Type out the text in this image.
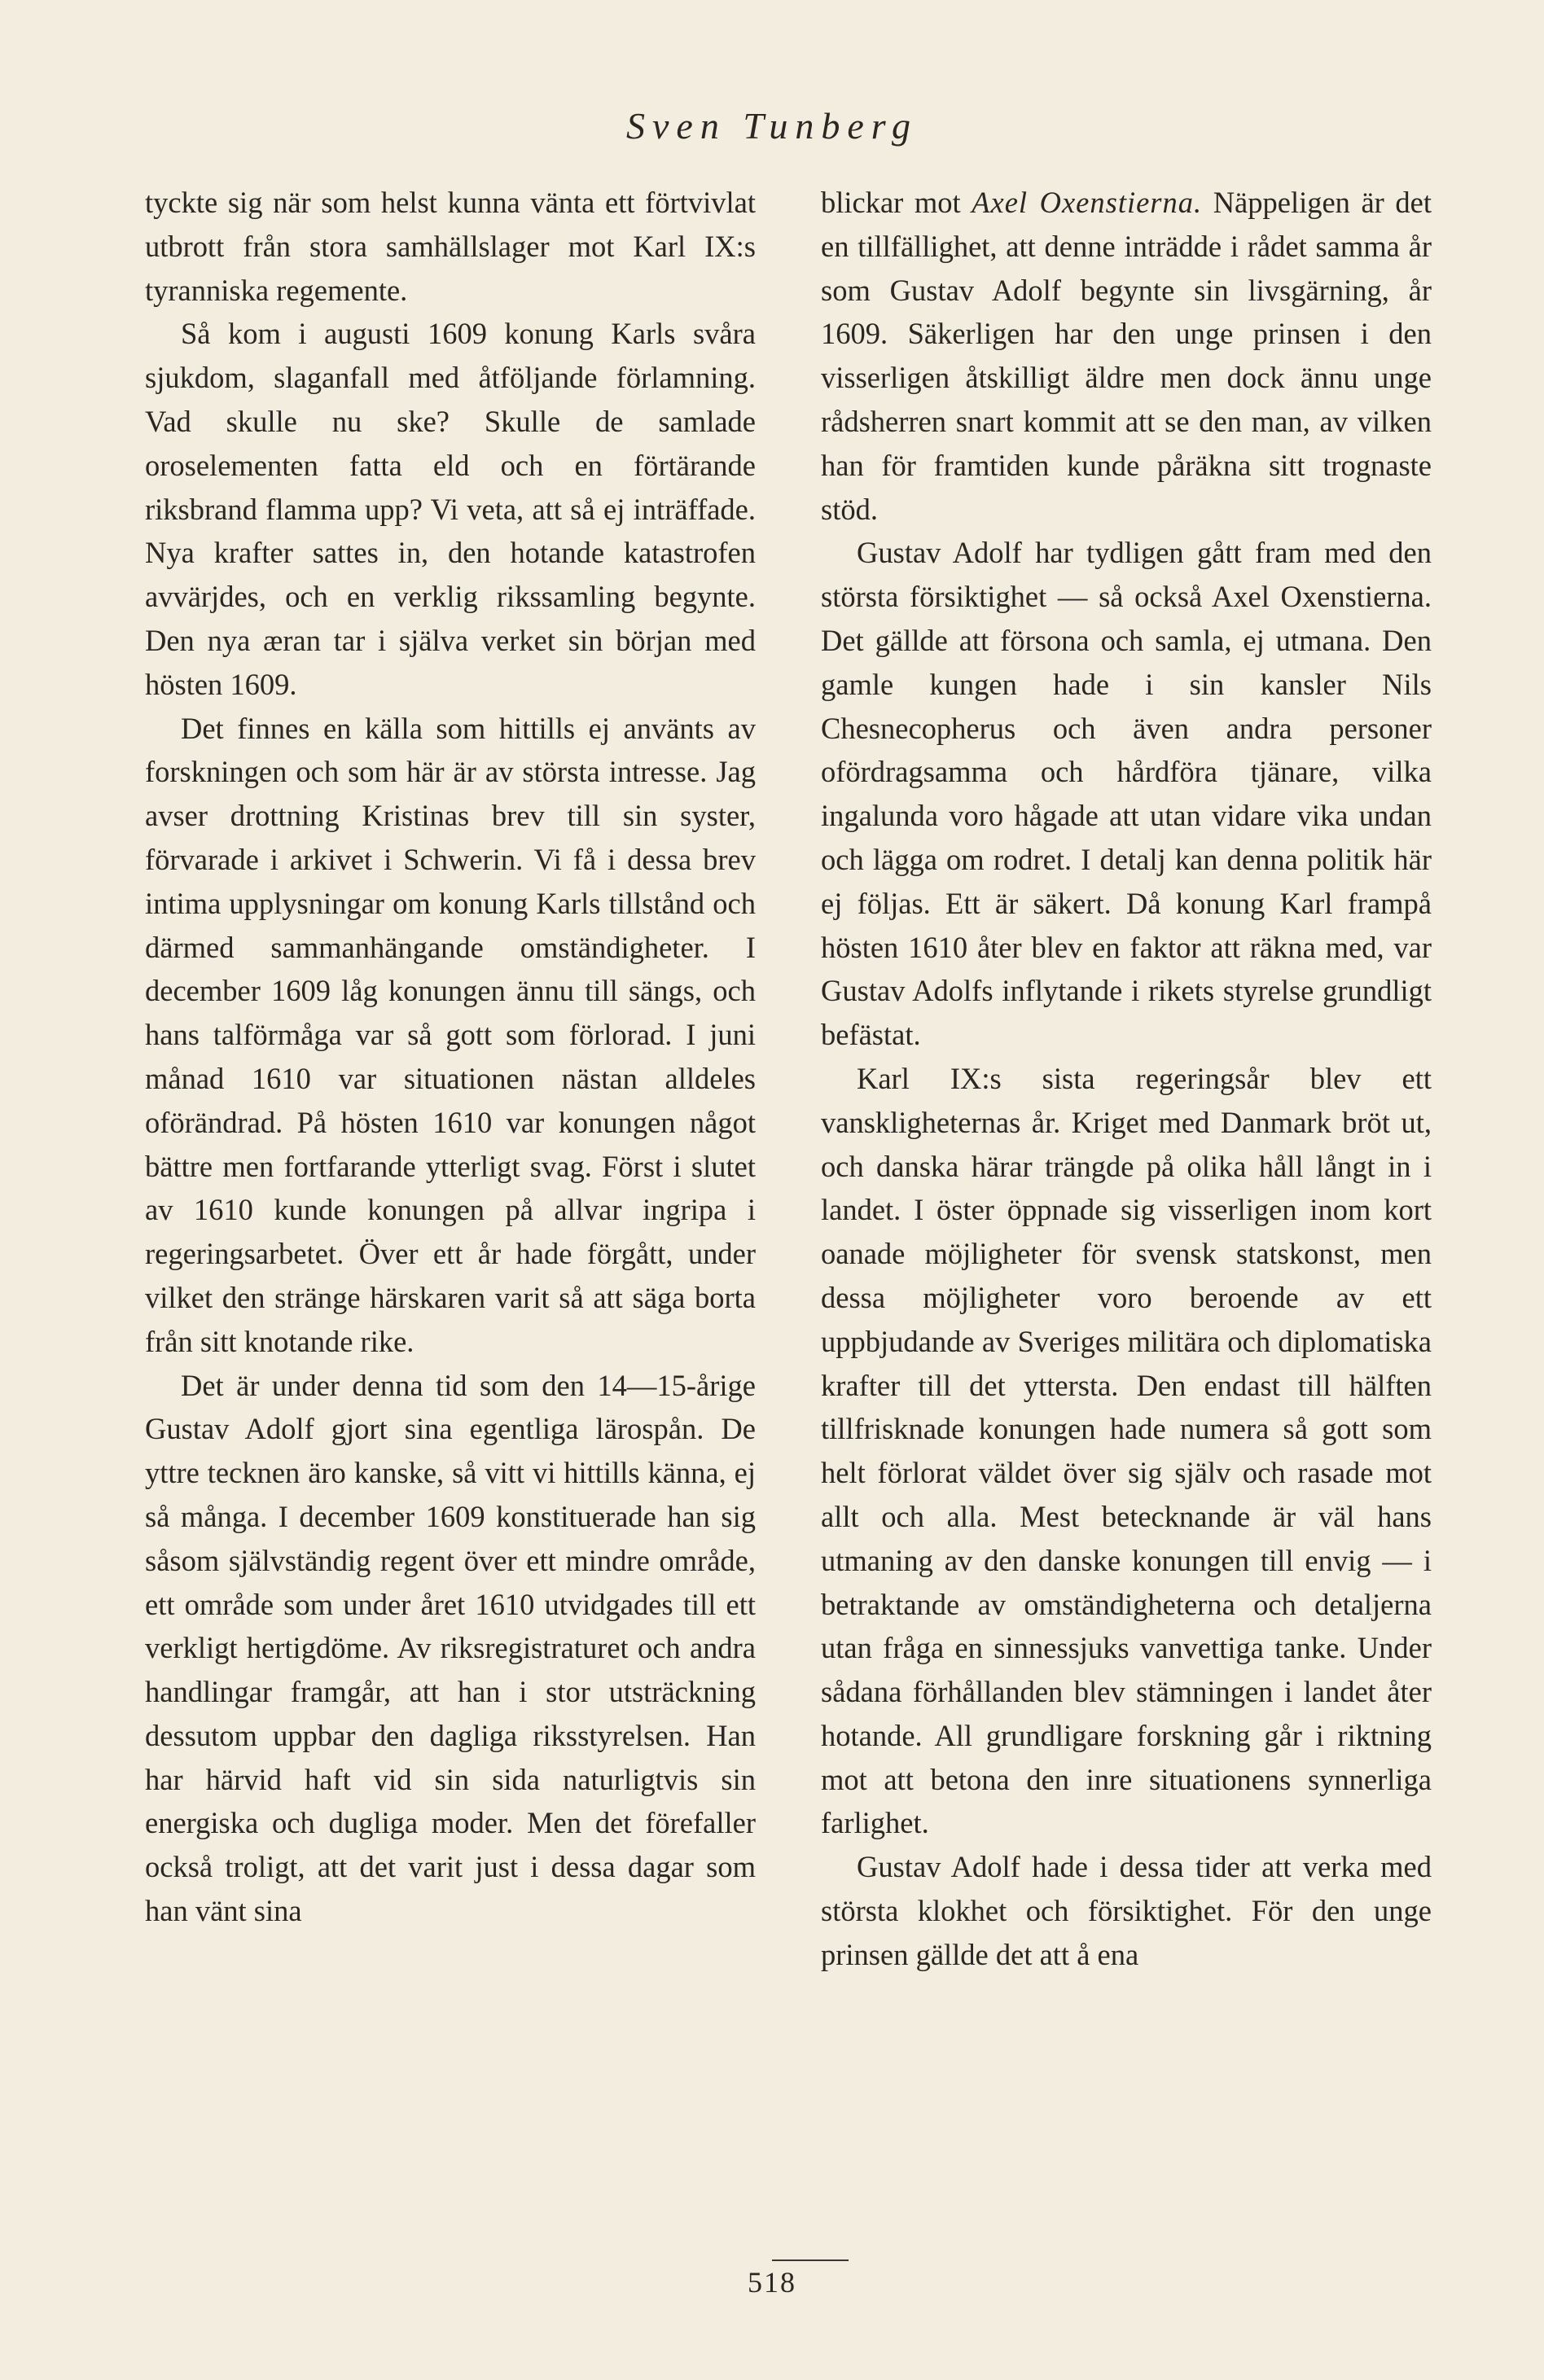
Sven Tunberg

tyckte sig när som helst kunna vänta ett förtvivlat utbrott från stora samhällslager mot Karl IX:s tyranniska regemente.

Så kom i augusti 1609 konung Karls svåra sjukdom, slaganfall med åtföljande förlamning. Vad skulle nu ske? Skulle de samlade oroselementen fatta eld och en förtärande riksbrand flamma upp? Vi veta, att så ej inträffade. Nya krafter sattes in, den hotande katastrofen avvärjdes, och en verklig rikssamling begynte. Den nya æran tar i själva verket sin början med hösten 1609.

Det finnes en källa som hittills ej använts av forskningen och som här är av största intresse. Jag avser drottning Kristinas brev till sin syster, förvarade i arkivet i Schwerin. Vi få i dessa brev intima upplysningar om konung Karls tillstånd och därmed sammanhängande omständigheter. I december 1609 låg konungen ännu till sängs, och hans talförmåga var så gott som förlorad. I juni månad 1610 var situationen nästan alldeles oförändrad. På hösten 1610 var konungen något bättre men fortfarande ytterligt svag. Först i slutet av 1610 kunde konungen på allvar ingripa i regeringsarbetet. Över ett år hade förgått, under vilket den stränge härskaren varit så att säga borta från sitt knotande rike.

Det är under denna tid som den 14—15-årige Gustav Adolf gjort sina egentliga lärospån. De yttre tecknen äro kanske, så vitt vi hittills känna, ej så många. I december 1609 konstituerade han sig såsom självständig regent över ett mindre område, ett område som under året 1610 utvidgades till ett verkligt hertigdöme. Av riksregistraturet och andra handlingar framgår, att han i stor utsträckning dessutom uppbar den dagliga riksstyrelsen. Han har härvid haft vid sin sida naturligtvis sin energiska och dugliga moder. Men det förefaller också troligt, att det varit just i dessa dagar som han vänt sina

blickar mot Axel Oxenstierna. Näppeligen är det en tillfällighet, att denne inträdde i rådet samma år som Gustav Adolf begynte sin livsgärning, år 1609. Säkerligen har den unge prinsen i den visserligen åtskilligt äldre men dock ännu unge rådsherren snart kommit att se den man, av vilken han för framtiden kunde påräkna sitt trognaste stöd.

Gustav Adolf har tydligen gått fram med den största försiktighet — så också Axel Oxenstierna. Det gällde att försona och samla, ej utmana. Den gamle kungen hade i sin kansler Nils Chesnecopherus och även andra personer ofördragsamma och hårdföra tjänare, vilka ingalunda voro hågade att utan vidare vika undan och lägga om rodret. I detalj kan denna politik här ej följas. Ett är säkert. Då konung Karl frampå hösten 1610 åter blev en faktor att räkna med, var Gustav Adolfs inflytande i rikets styrelse grundligt befästat.

Karl IX:s sista regeringsår blev ett vanskligheternas år. Kriget med Danmark bröt ut, och danska härar trängde på olika håll långt in i landet. I öster öppnade sig visserligen inom kort oanade möjligheter för svensk statskonst, men dessa möjligheter voro beroende av ett uppbjudande av Sveriges militära och diplomatiska krafter till det yttersta. Den endast till hälften tillfrisknade konungen hade numera så gott som helt förlorat väldet över sig själv och rasade mot allt och alla. Mest betecknande är väl hans utmaning av den danske konungen till envig — i betraktande av omständigheterna och detaljerna utan fråga en sinnessjuks vanvettiga tanke. Under sådana förhållanden blev stämningen i landet åter hotande. All grundligare forskning går i riktning mot att betona den inre situationens synnerliga farlighet.

Gustav Adolf hade i dessa tider att verka med största klokhet och försiktighet. För den unge prinsen gällde det att å ena

518
